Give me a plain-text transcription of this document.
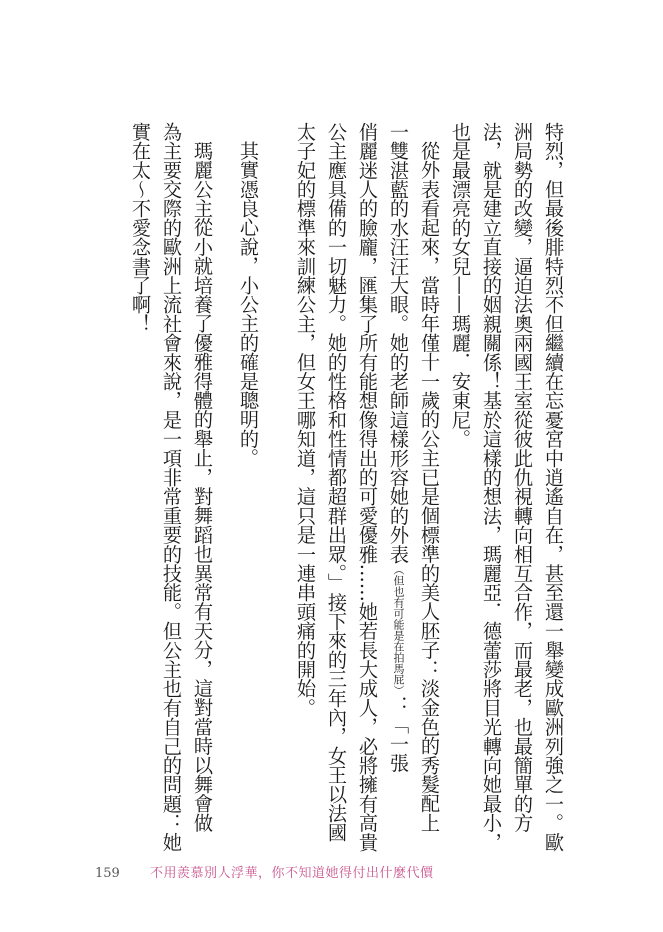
特烈，但最後腓特烈不但繼續在忘憂宮中逍遙自在，甚至還一舉變成歐洲列強之一。歐

洲局勢的改變，逼迫法奧兩國王室從彼此仇視轉向相互合作，而最老，也最簡單的方

法，就是建立直接的姻親關係！基於這樣的想法，瑪麗亞．德蕾莎將目光轉向她最小，

也是最漂亮的女兒——瑪麗．安東尼。

從外表看起來，當時年僅十一歲的公主已是個標準的美人胚子：淡金色的秀髮配上

一雙湛藍的水汪汪大眼。她的老師這樣形容她的外表（但也有可能是在拍馬屁）：「一張

俏麗迷人的臉龐，匯集了所有能想像得出的可愛優雅……她若長大成人，必將擁有高貴

公主應具備的一切魅力。她的性格和性情都超群出眾。」接下來的三年內，女王以法國

太子妃的標準來訓練公主，但女王哪知道，這只是一連串頭痛的開始。

其實憑良心說，小公主的確是聰明的。

瑪麗公主從小就培養了優雅得體的舉止，對舞蹈也異常有天分，這對當時以舞會做

為主要交際的歐洲上流社會來說，是一項非常重要的技能。但公主也有自己的問題：她

實在太〜不愛念書了啊！

159 不用羨慕別人浮華，你不知道她得付出什麼代價
